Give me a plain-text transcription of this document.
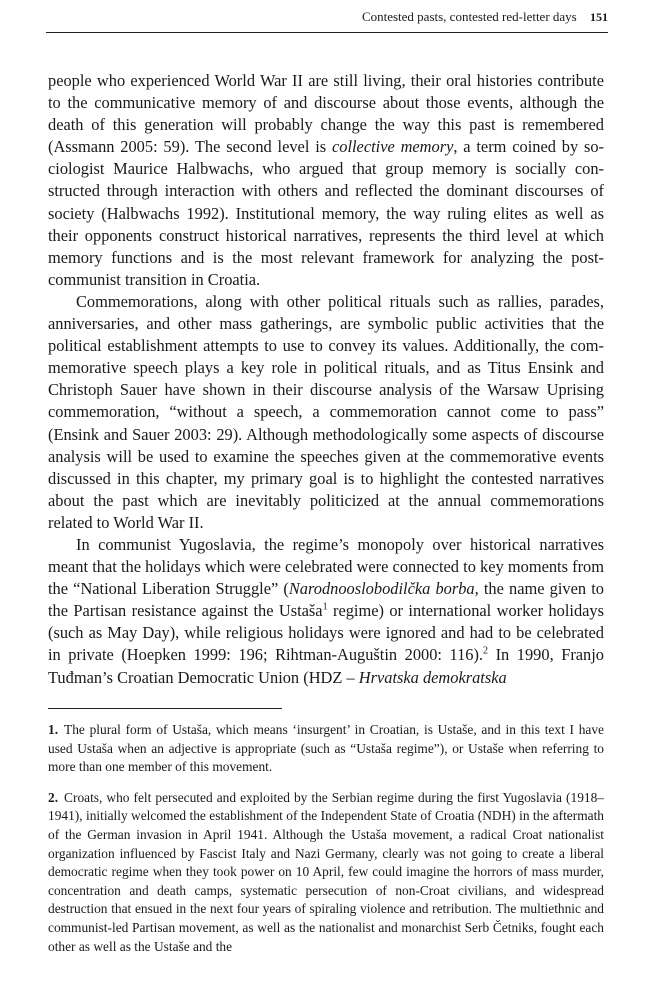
Contested pasts, contested red-letter days 151

people who experienced World War II are still living, their oral histories contribute to the communicative memory of and discourse about those events, although the death of this generation will probably change the way this past is remembered (Assmann 2005: 59). The second level is collective memory, a term coined by sociologist Maurice Halbwachs, who argued that group memory is socially constructed through interaction with others and reflected the dominant discourses of society (Halbwachs 1992). Institutional memory, the way ruling elites as well as their opponents construct historical narratives, represents the third level at which memory functions and is the most relevant framework for analyzing the post-communist transition in Croatia.

Commemorations, along with other political rituals such as rallies, parades, anniversaries, and other mass gatherings, are symbolic public activities that the political establishment attempts to use to convey its values. Additionally, the commemorative speech plays a key role in political rituals, and as Titus Ensink and Christoph Sauer have shown in their discourse analysis of the Warsaw Uprising commemoration, “without a speech, a commemoration cannot come to pass” (Ensink and Sauer 2003: 29). Although methodologically some aspects of discourse analysis will be used to examine the speeches given at the commemorative events discussed in this chapter, my primary goal is to highlight the contested narratives about the past which are inevitably politicized at the annual commemorations related to World War II.

In communist Yugoslavia, the regime’s monopoly over historical narratives meant that the holidays which were celebrated were connected to key moments from the “National Liberation Struggle” (Narodnooslobodilčka borba, the name given to the Partisan resistance against the Ustaša$^1$ regime) or international worker holidays (such as May Day), while religious holidays were ignored and had to be celebrated in private (Hoepken 1999: 196; Rihtman-Auguštin 2000: 116).$^2$ In 1990, Franjo Tuđman’s Croatian Democratic Union (HDZ – Hrvatska demokratska

1. The plural form of Ustaša, which means ‘insurgent’ in Croatian, is Ustaše, and in this text I have used Ustaša when an adjective is appropriate (such as “Ustaša regime”), or Ustaše when referring to more than one member of this movement.

2. Croats, who felt persecuted and exploited by the Serbian regime during the first Yugoslavia (1918–1941), initially welcomed the establishment of the Independent State of Croatia (NDH) in the aftermath of the German invasion in April 1941. Although the Ustaša movement, a radical Croat nationalist organization influenced by Fascist Italy and Nazi Germany, clearly was not going to create a liberal democratic regime when they took power on 10 April, few could imagine the horrors of mass murder, concentration and death camps, systematic persecution of non-Croat civilians, and widespread destruction that ensued in the next four years of spiraling violence and retribution. The multiethnic and communist-led Partisan movement, as well as the nationalist and monarchist Serb Četniks, fought each other as well as the Ustaše and the
